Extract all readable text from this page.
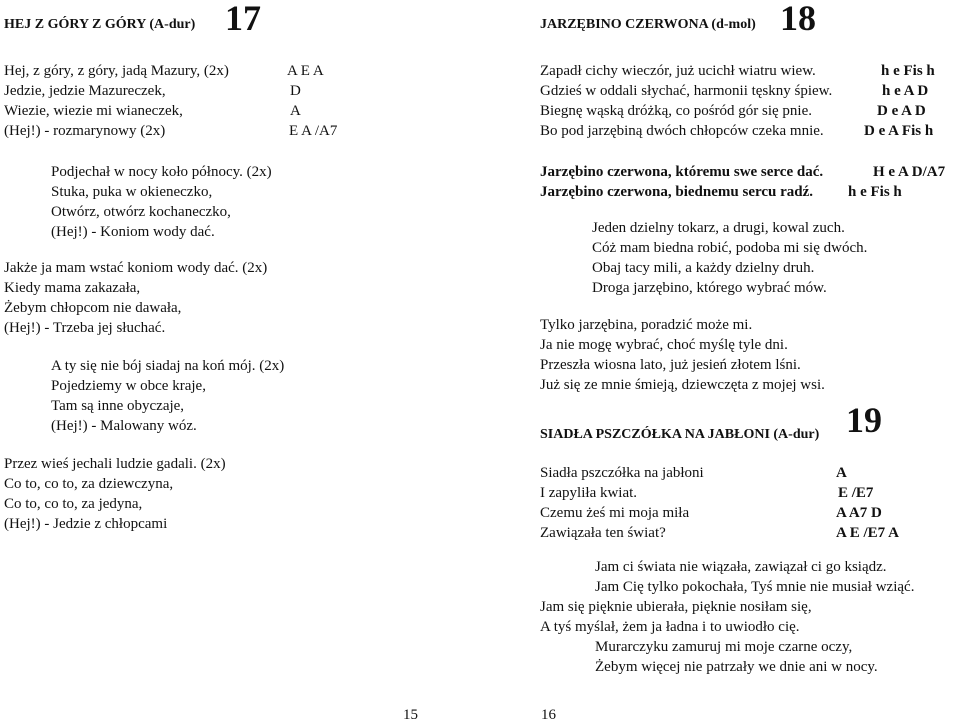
HEJ Z GÓRY Z GÓRY (A-dur) 17
Hej, z góry, z góry, jadą Mazury, (2x)	A E A
Jedzie, jedzie Mazureczek,	D
Wiezie, wiezie mi wianeczek,	A
(Hej!) - rozmarynowy (2x)	E A /A7
Podjechał w nocy koło północy. (2x)
Stuka, puka w okieneczko,
Otwórz, otwórz kochaneczko,
(Hej!) - Koniom wody dać.
Jakże ja mam wstać koniom wody dać. (2x)
Kiedy mama zakazała,
Żebym chłopcom nie dawała,
(Hej!) - Trzeba jej słuchać.
A ty się nie bój siadaj na koń mój. (2x)
Pojedziemy w obce kraje,
Tam są inne obyczaje,
(Hej!) - Malowany wóz.
Przez wieś jechali ludzie gadali. (2x)
Co to, co to, za dziewczyna,
Co to, co to, za jedyna,
(Hej!) - Jedzie z chłopcami
15
JARZĘBINO CZERWONA (d-mol) 18
Zapadł cichy wieczór, już ucichł wiatru wiew.	h e Fis h
Gdzieś w oddali słychać, harmonii tęskny śpiew.	h e A D
Biegnę wąską dróżką, co pośród gór się pnie.	D e A D
Bo pod jarzębiną dwóch chłopców czeka mnie.	D e A Fis h
Jarzębino czerwona, któremu swe serce dać.	H e A D/A7
Jarzębino czerwona, biednemu sercu radź. h e Fis h
Jeden dzielny tokarz, a drugi, kowal zuch.
Cóż mam biedna robić, podoba mi się dwóch.
Obaj tacy mili, a każdy dzielny druh.
Droga jarzębino, którego wybrać mów.
Tylko jarzębina, poradzić może mi.
Ja nie mogę wybrać, choć myślę tyle dni.
Przeszła wiosna lato, już jesień złotem lśni.
Już się ze mnie śmieją, dziewczęta z mojej wsi.
SIADŁA PSZCZÓŁKA NA JABŁONI (A-dur) 19
Siadła pszczółka na jabłoni	A
I zapyliła kwiat.	E /E7
Czemu żeś mi moja miła	A A7 D
Zawiązała ten świat?	A E /E7 A
Jam ci świata nie wiązała, zawiązał ci go ksiądz.
Jam Cię tylko pokochała, Tyś mnie nie musiał wziąć.
Jam się pięknie ubierała, pięknie nosiłam się,
A tyś myślał, żem ja ładna i to uwiodło cię.
Murarczyku zamuruj mi moje czarne oczy,
Żebym więcej nie patrzały we dnie ani w nocy.
16
